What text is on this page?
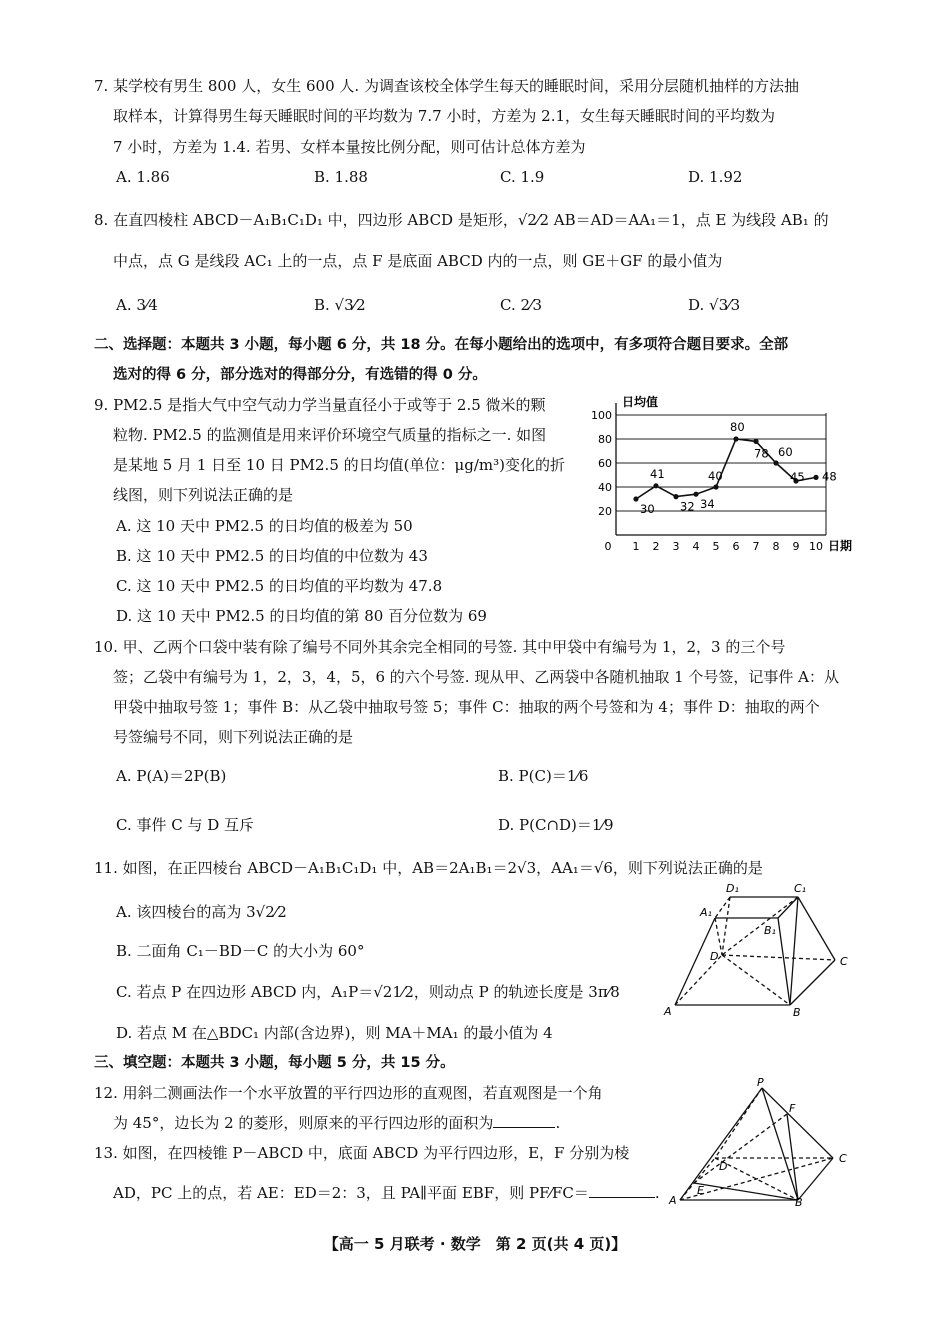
7. 某学校有男生 800 人，女生 600 人. 为调查该校全体学生每天的睡眠时间，采用分层随机抽样的方法抽
取样本，计算得男生每天睡眠时间的平均数为 7.7 小时，方差为 2.1，女生每天睡眠时间的平均数为
7 小时，方差为 1.4. 若男、女样本量按比例分配，则可估计总体方差为
A. 1.86	B. 1.88	C. 1.9	D. 1.92
8. 在直四棱柱 ABCD－A₁B₁C₁D₁ 中，四边形 ABCD 是矩形，√2⁄2 AB＝AD＝AA₁＝1，点 E 为线段 AB₁ 的
中点，点 G 是线段 AC₁ 上的一点，点 F 是底面 ABCD 内的一点，则 GE＋GF 的最小值为
A. 3⁄4	B. √3⁄2	C. 2⁄3	D. √3⁄3
二、选择题：本题共 3 小题，每小题 6 分，共 18 分。在每小题给出的选项中，有多项符合题目要求。全部
选对的得 6 分，部分选对的得部分分，有选错的得 0 分。
9. PM2.5 是指大气中空气动力学当量直径小于或等于 2.5 微米的颗
粒物. PM2.5 的监测值是用来评价环境空气质量的指标之一. 如图
是某地 5 月 1 日至 10 日 PM2.5 的日均值(单位：μg/m³)变化的折
线图，则下列说法正确的是
A. 这 10 天中 PM2.5 的日均值的极差为 50
B. 这 10 天中 PM2.5 的日均值的中位数为 43
C. 这 10 天中 PM2.5 的日均值的平均数为 47.8
D. 这 10 天中 PM2.5 的日均值的第 80 百分位数为 69
日均值
日期
20
40
60
80
100
0 1 2 3 4 5 6 7 8 9 10
30
41
32 34
40
80
78 60
45 48
10. 甲、乙两个口袋中装有除了编号不同外其余完全相同的号签. 其中甲袋中有编号为 1，2，3 的三个号
签；乙袋中有编号为 1，2，3，4，5，6 的六个号签. 现从甲、乙两袋中各随机抽取 1 个号签，记事件 A：从
甲袋中抽取号签 1；事件 B：从乙袋中抽取号签 5；事件 C：抽取的两个号签和为 4；事件 D：抽取的两个
号签编号不同，则下列说法正确的是
A. P(A)＝2P(B)	B. P(C)＝1⁄6
C. 事件 C 与 D 互斥	D. P(C∩D)＝1⁄9
11. 如图，在正四棱台 ABCD－A₁B₁C₁D₁ 中，AB＝2A₁B₁＝2√3，AA₁＝√6，则下列说法正确的是
A. 该四棱台的高为 3√2⁄2
B. 二面角 C₁－BD－C 的大小为 60°
C. 若点 P 在四边形 ABCD 内，A₁P＝√21⁄2，则动点 P 的轨迹长度是 3π⁄8
D. 若点 M 在△BDC₁ 内部(含边界)，则 MA＋MA₁ 的最小值为 4
D₁	C₁
A₁
B₁
D	C
A	B
三、填空题：本题共 3 小题，每小题 5 分，共 15 分。
12. 用斜二测画法作一个水平放置的平行四边形的直观图，若直观图是一个角
为 45°，边长为 2 的菱形，则原来的平行四边形的面积为	.
13. 如图，在四棱锥 P－ABCD 中，底面 ABCD 为平行四边形，E，F 分别为棱
AD，PC 上的点，若 AE：ED＝2：3，且 PA∥平面 EBF，则 PF⁄FC＝	.
P
F
D
C
A
E
B
【高一 5 月联考 · 数学　第 2 页(共 4 页)】
